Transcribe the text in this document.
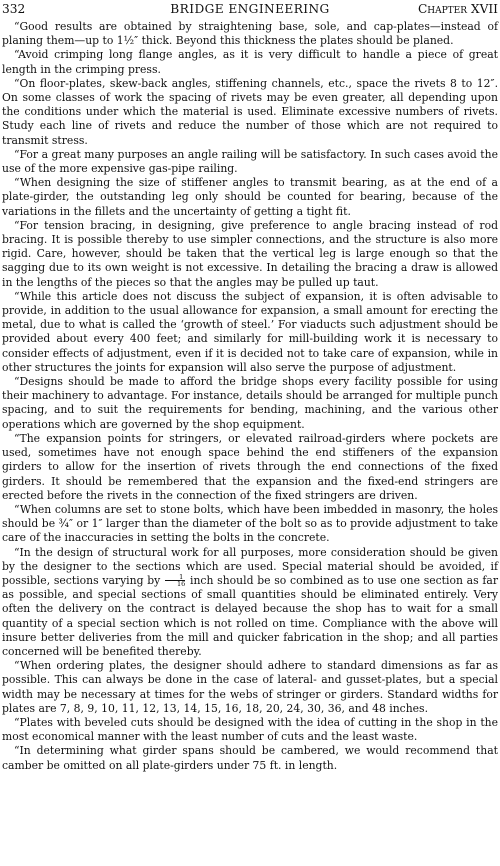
332	BRIDGE ENGINEERING	Chapter XVII

“Good results are obtained by straightening base, sole, and cap-plates—instead of planing them—up to 1½″ thick. Beyond this thickness the plates should be planed.

“Avoid crimping long flange angles, as it is very difficult to handle a piece of great length in the crimping press.

“On floor-plates, skew-back angles, stiffening channels, etc., space the rivets 8 to 12″. On some classes of work the spacing of rivets may be even greater, all depending upon the conditions under which the material is used. Eliminate excessive numbers of rivets. Study each line of rivets and reduce the number of those which are not required to transmit stress.

“For a great many purposes an angle railing will be satisfactory. In such cases avoid the use of the more expensive gas-pipe railing.

“When designing the size of stiffener angles to transmit bearing, as at the end of a plate-girder, the outstanding leg only should be counted for bearing, because of the variations in the fillets and the uncertainty of getting a tight fit.

“For tension bracing, in designing, give preference to angle bracing instead of rod bracing. It is possible thereby to use simpler connections, and the structure is also more rigid. Care, however, should be taken that the vertical leg is large enough so that the sagging due to its own weight is not excessive. In detailing the bracing a draw is allowed in the lengths of the pieces so that the angles may be pulled up taut.

“While this article does not discuss the subject of expansion, it is often advisable to provide, in addition to the usual allowance for expansion, a small amount for erecting the metal, due to what is called the ‘growth of steel.’ For viaducts such adjustment should be provided about every 400 feet; and similarly for mill-building work it is necessary to consider effects of adjustment, even if it is decided not to take care of expansion, while in other structures the joints for expansion will also serve the purpose of adjustment.

“Designs should be made to afford the bridge shops every facility possible for using their machinery to advantage. For instance, details should be arranged for multiple punch spacing, and to suit the requirements for bending, machining, and the various other operations which are governed by the shop equipment.

“The expansion points for stringers, or elevated railroad-girders where pockets are used, sometimes have not enough space behind the end stiffeners of the expansion girders to allow for the insertion of rivets through the end connections of the fixed girders. It should be remembered that the expansion and the fixed-end stringers are erected before the rivets in the connection of the fixed stringers are driven.

“When columns are set to stone bolts, which have been imbedded in masonry, the holes should be ¾″ or 1″ larger than the diameter of the bolt so as to provide adjustment to take care of the inaccuracies in setting the bolts in the concrete.

“In the design of structural work for all purposes, more consideration should be given by the designer to the sections which are used. Special material should be avoided, if possible, sections varying by $\frac{1}{16}$ inch should be so combined as to use one section as far as possible, and special sections of small quantities should be eliminated entirely. Very often the delivery on the contract is delayed because the shop has to wait for a small quantity of a special section which is not rolled on time. Compliance with the above will insure better deliveries from the mill and quicker fabrication in the shop; and all parties concerned will be benefited thereby.

“When ordering plates, the designer should adhere to standard dimensions as far as possible. This can always be done in the case of lateral- and gusset-plates, but a special width may be necessary at times for the webs of stringer or girders. Standard widths for plates are 7, 8, 9, 10, 11, 12, 13, 14, 15, 16, 18, 20, 24, 30, 36, and 48 inches.

“Plates with beveled cuts should be designed with the idea of cutting in the shop in the most economical manner with the least number of cuts and the least waste.

“In determining what girder spans should be cambered, we would recommend that camber be omitted on all plate-girders under 75 ft. in length.
